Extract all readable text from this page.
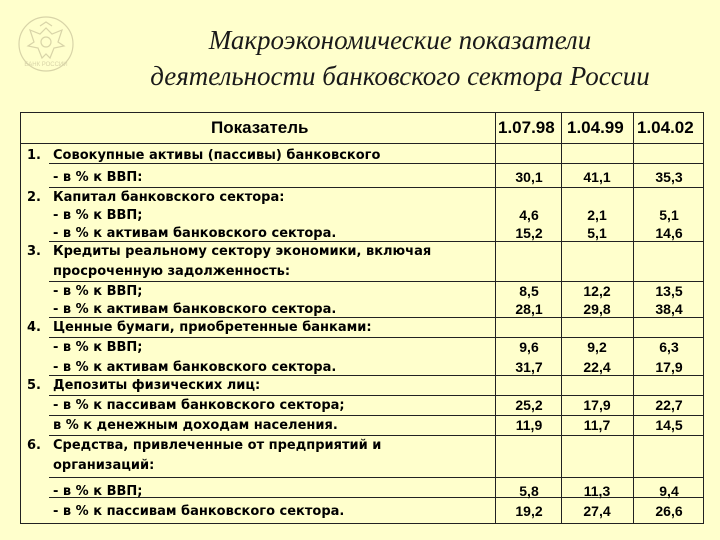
БАНК РОССИИ
Макроэкономические показатели
деятельности банковского сектора России
Показатель	1.07.98 1.04.99 1.04.02
1. Совокупные активы (пассивы) банковского
- в % к ВВП:	30,1	41,1	35,3
2. Капитал банковского сектора:
- в % к ВВП;	4,6	2,1	5,1
- в % к активам банковского сектора.	15,2	5,1	14,6
3. Кредиты реальному сектору экономики, включая
просроченную задолженность:
- в % к ВВП;	8,5	12,2	13,5
- в % к активам банковского сектора.	28,1	29,8	38,4
4. Ценные бумаги, приобретенные банками:
- в % к ВВП;	9,6	9,2	6,3
- в % к активам банковского сектора.	31,7	22,4	17,9
5. Депозиты физических лиц:
- в % к пассивам банковского сектора;	25,2	17,9	22,7
в % к денежным доходам населения.	11,9	11,7	14,5
6. Средства, привлеченные от предприятий и
организаций:
- в % к ВВП;	5,8	11,3	9,4
- в % к пассивам банковского сектора.	19,2	27,4	26,6
